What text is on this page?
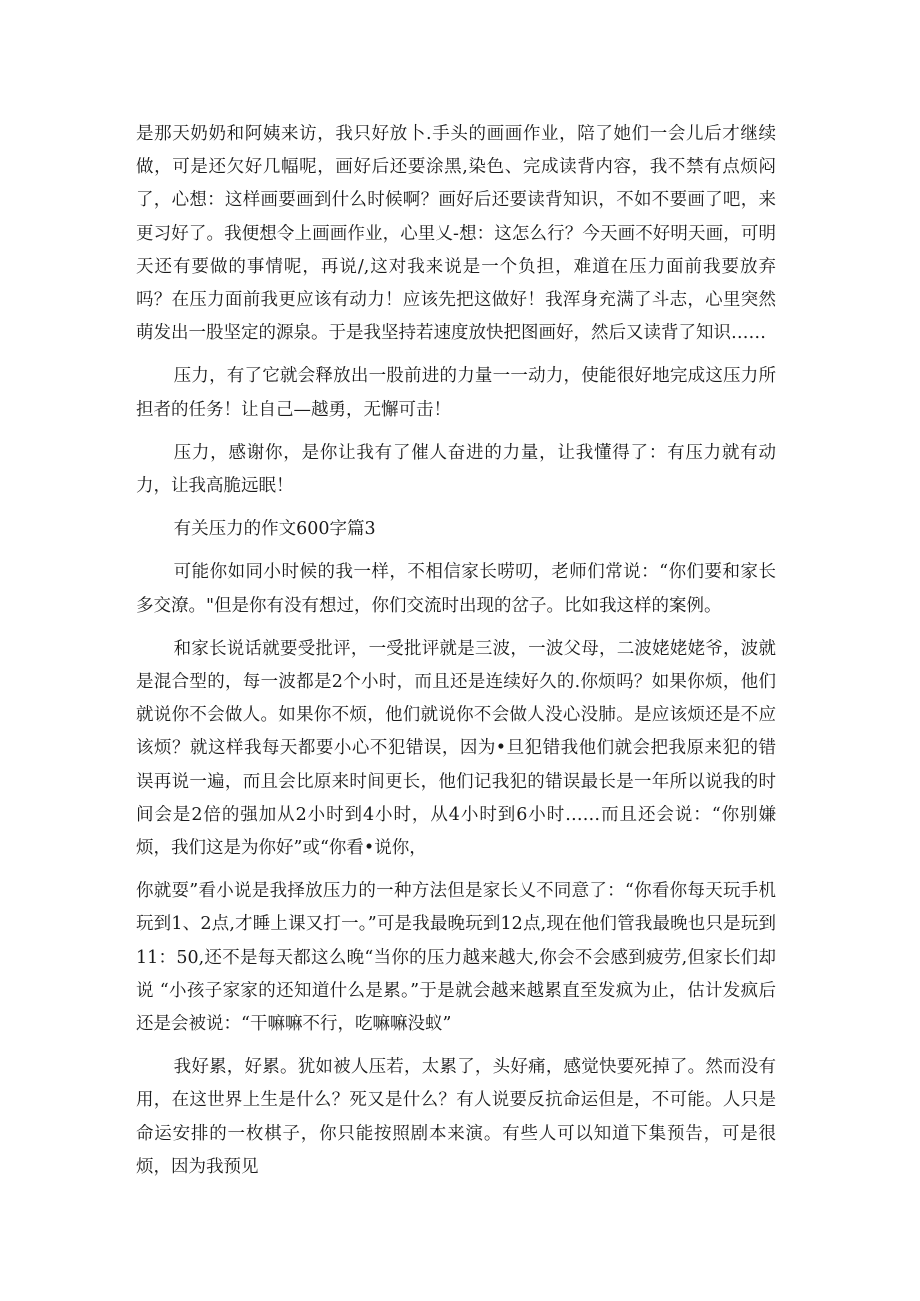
是那天奶奶和阿姨来访，我只好放卜.手头的画画作业，陪了她们一会儿后才继续做，可是还欠好几幅呢，画好后还要涂黑,染色、完成读背内容，我不禁有点烦闷了，心想：这样画要画到什么时候啊？画好后还要读背知识，不如不要画了吧，来更习好了。我便想令上画画作业，心里乂-想：这怎么行？今天画不好明天画，可明天还有要做的事情呢，再说/,这对我来说是一个负担，难道在压力面前我要放弃吗？在压力面前我更应该有动力！应该先把这做好！我浑身充满了斗志，心里突然萌发出一股坚定的源泉。于是我坚持若速度放快把图画好，然后又读背了知识……

压力，有了它就会释放出一股前进的力量一一动力，使能很好地完成这压力所担者的任务！让自己—越勇，无懈可击！

压力，感谢你，是你让我有了催人奋进的力量，让我懂得了：有压力就有动力，让我高脆远眠！

有关压力的作文600字篇3

可能你如同小时候的我一样，不相信家长唠叨，老师们常说：“你们要和家长多交潦。"但是你有没有想过，你们交流时出现的岔子。比如我这样的案例。

和家长说话就要受批评，一受批评就是三波，一波父母，二波姥姥姥爷，波就是混合型的，每一波都是2个小时，而且还是连续好久的.你烦吗？如果你烦，他们就说你不会做人。如果你不烦，他们就说你不会做人没心没肺。是应该烦还是不应该烦？就这样我每天都要小心不犯错误，因为•旦犯错我他们就会把我原来犯的错误再说一遍，而且会比原来时间更长，他们记我犯的错误最长是一年所以说我的时间会是2倍的强加从2小时到4小时，从4小时到6小时……而且还会说：“你别嫌烦，我们这是为你好”或“你看•说你，

你就耍”看小说是我择放压力的一种方法但是家长乂不同意了：“你看你每天玩手机玩到1、2点,才睡上课又打一。”可是我最晚玩到12点,现在他们管我最晚也只是玩到11：50,还不是每天都这么晚“当你的压力越来越大,你会不会感到疲劳,但家长们却说 “小孩子家家的还知道什么是累。”于是就会越来越累直至发疯为止，估计发疯后还是会被说：“干嘛嘛不行，吃嘛嘛没蚁”

我好累，好累。犹如被人压若，太累了，头好痛，感觉快要死掉了。然而没有用，在这世界上生是什么？死又是什么？有人说要反抗命运但是，不可能。人只是命运安排的一枚棋子，你只能按照剧本来演。有些人可以知道下集预告，可是很烦，因为我预见
